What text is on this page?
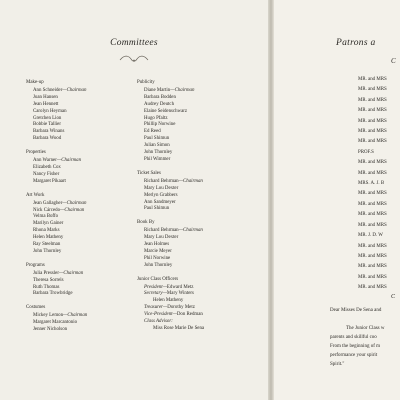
Committees
Make-up
Ann Schneider—Chairman
Joan Hansen
Jean Hennett
Carolyn Heyman
Gretchen Lion
Bobbie Tallier
Barbara Winans
Barbara Wood
Properties
Ann Warner—Chairman
Elizabeth Cox
Nancy Fisher
Margaret Pikaart
Art Work
Jean Gallagher—Chairman
Nick Cárcedo—Chairman
Velma Boffo
Marilyn Gainer
Rhona Marks
Helen Matheny
Ray Steelman
John Thornley
Programs
Julia Pressler—Chairman
Theresa Sorrels
Ruth Thomas
Barbara Trowbridge
Costumes
Mickey Lemon—Chairman
Margaret Marcantonio
Jenner Nicholson
Publicity
Diane Martin—Chairman
Barbara Bodden
Audrey Deutch
Elaine Seidenschwarz
Hugo Pfaltz
Phillip Norwine
Ed Reed
Paul Shimun
Julian Simon
John Thornley
Phil Wimmer
Ticket Sales
Richard Behrman—Chairman
Mary Lou Dexter
Merlyn Grabbers
Ann Sandmeyer
Paul Shimun
Book By
Richard Behrman—Chairman
Mary Lou Dexter
Jean Holmes
Marcie Meyer
Phil Norwine
John Thornley
Junior Class Officers
President—Edward Metz
Secretary—Mary Winters
Helen Matheny
Treasurer—Dorothy Metz
Vice-President—Don Redman
Class Advisor:
Miss Rose Marie De Sena
Patrons a
C
MR. and MRS
MR. and MRS
MR. and MRS
MR. and MRS
MR. and MRS
MR. and MRS
MR. and MRS
PROF.S
MR. and MRS
MR. and MRS
MRS. A. J. B
MR. and MRS
MR. and MRS
MR. and MRS
MR. and MRS
MR. J. D. W
MR. and MRS
MR. and MRS
MR. and MRS
MR. and MRS
MR. and MRS
C
Dear Misses De Sena and
The Junior Class w
parents and skillful coo
From the beginning of m
performance your spirit
Spirit."
